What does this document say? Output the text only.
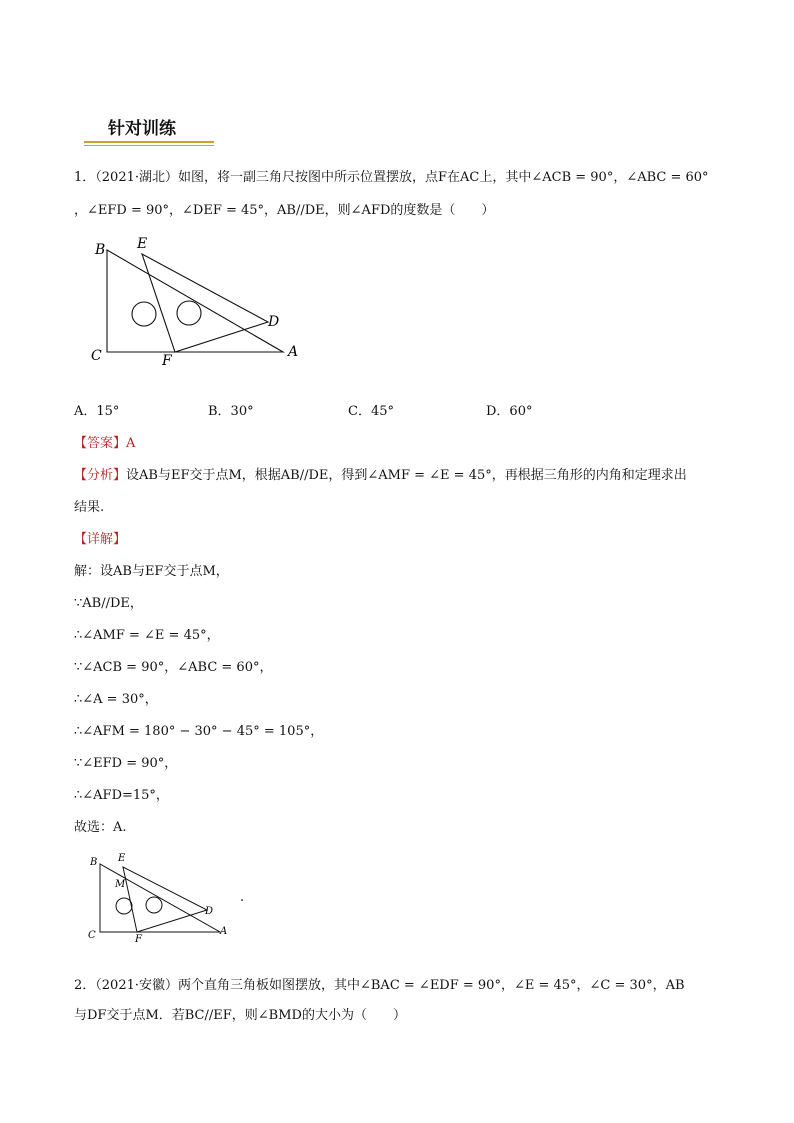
针对训练
1．（2021·湖北）如图，将一副三角尺按图中所示位置摆放，点F在AC上，其中∠ACB = 90°，∠ABC = 60°
，∠EFD = 90°，∠DEF = 45°，AB//DE，则∠AFD的度数是（　　）
B E
D
C	F
A
A．15°	B．30°	C．45°	D．60°
【答案】A
【分析】设AB与EF交于点M，根据AB//DE，得到∠AMF = ∠E = 45°，再根据三角形的内角和定理求出
结果.
【详解】
解：设AB与EF交于点M，
∵AB//DE，
∴∠AMF = ∠E = 45°，
∵∠ACB = 90°，∠ABC = 60°，
∴∠A = 30°，
∴∠AFM = 180° − 30° − 45° = 105°，
∵∠EFD = 90°，
∴∠AFD=15°，
故选：A.
B E
M
D
C	F
A
.
2．（2021·安徽）两个直角三角板如图摆放，其中∠BAC = ∠EDF = 90°，∠E = 45°，∠C = 30°，AB
与DF交于点M．若BC//EF，则∠BMD的大小为（　　）
